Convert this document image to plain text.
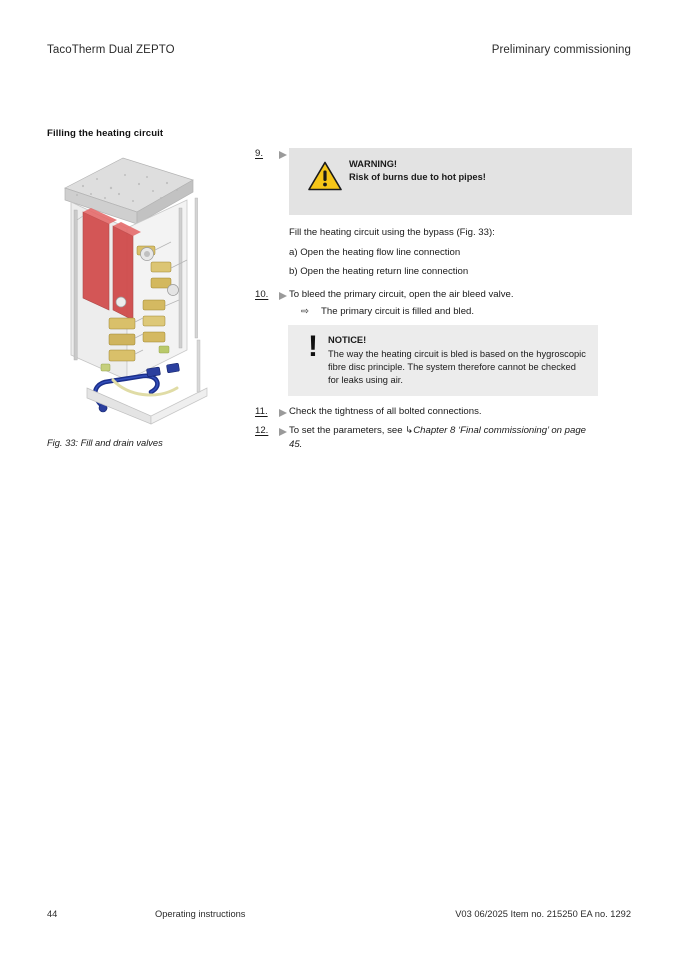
TacoTherm Dual ZEPTO	Preliminary commissioning
Filling the heating circuit
Fig. 33: Fill and drain valves
9.
WARNING!
Risk of burns due to hot pipes!

Fill the heating circuit using the bypass (Fig. 33):

a) Open the heating flow line connection
b) Open the heating return line connection
10.	To bleed the primary circuit, open the air bleed valve.
⇨	The primary circuit is filled and bled.
! NOTICE!
The way the heating circuit is bled is based on the hygroscopic fibre disc principle. The system therefore cannot be checked for leaks using air.
11.	Check the tightness of all bolted connections.
12.	To set the parameters, see ↳Chapter 8 ‘Final commissioning’ on page 45.
44	Operating instructions	V03 06/2025 Item no. 215250 EA no. 1292
